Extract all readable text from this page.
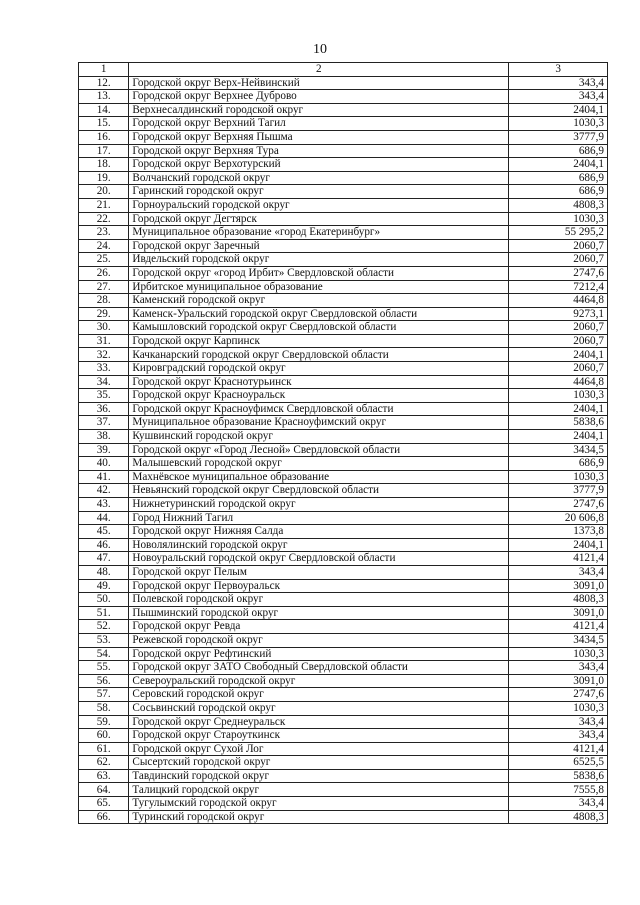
10
1	2	3
12.	Городской округ Верх-Нейвинский	343,4
13.	Городской округ Верхнее Дуброво	343,4
14.	Верхнесалдинский городской округ	2404,1
15.	Городской округ Верхний Тагил	1030,3
16.	Городской округ Верхняя Пышма	3777,9
17.	Городской округ Верхняя Тура	686,9
18.	Городской округ Верхотурский	2404,1
19.	Волчанский городской округ	686,9
20.	Гаринский городской округ	686,9
21.	Горноуральский городской округ	4808,3
22.	Городской округ Дегтярск	1030,3
23.	Муниципальное образование «город Екатеринбург»	55 295,2
24.	Городской округ Заречный	2060,7
25.	Ивдельский городской округ	2060,7
26.	Городской округ «город Ирбит» Свердловской области	2747,6
27.	Ирбитское муниципальное образование	7212,4
28.	Каменский городской округ	4464,8
29.	Каменск-Уральский городской округ Свердловской области	9273,1
30.	Камышловский городской округ Свердловской области	2060,7
31.	Городской округ Карпинск	2060,7
32.	Качканарский городской округ Свердловской области	2404,1
33.	Кировградский городской округ	2060,7
34.	Городской округ Краснотурьинск	4464,8
35.	Городской округ Красноуральск	1030,3
36.	Городской округ Красноуфимск Свердловской области	2404,1
37.	Муниципальное образование Красноуфимский округ	5838,6
38.	Кушвинский городской округ	2404,1
39.	Городской округ «Город Лесной» Свердловской области	3434,5
40.	Малышевский городской округ	686,9
41.	Махнёвское муниципальное образование	1030,3
42.	Невьянский городской округ Свердловской области	3777,9
43.	Нижнетуринский городской округ	2747,6
44.	Город Нижний Тагил	20 606,8
45.	Городской округ Нижняя Салда	1373,8
46.	Новолялинский городской округ	2404,1
47.	Новоуральский городской округ Свердловской области	4121,4
48.	Городской округ Пелым	343,4
49.	Городской округ Первоуральск	3091,0
50.	Полевской городской округ	4808,3
51.	Пышминский городской округ	3091,0
52.	Городской округ Ревда	4121,4
53.	Режевской городской округ	3434,5
54.	Городской округ Рефтинский	1030,3
55.	Городской округ ЗАТО Свободный Свердловской области	343,4
56.	Североуральский городской округ	3091,0
57.	Серовский городской округ	2747,6
58.	Сосьвинский городской округ	1030,3
59.	Городской округ Среднеуральск	343,4
60.	Городской округ Староуткинск	343,4
61.	Городской округ Сухой Лог	4121,4
62.	Сысертский городской округ	6525,5
63.	Тавдинский городской округ	5838,6
64.	Талицкий городской округ	7555,8
65.	Тугулымский городской округ	343,4
66.	Туринский городской округ	4808,3
